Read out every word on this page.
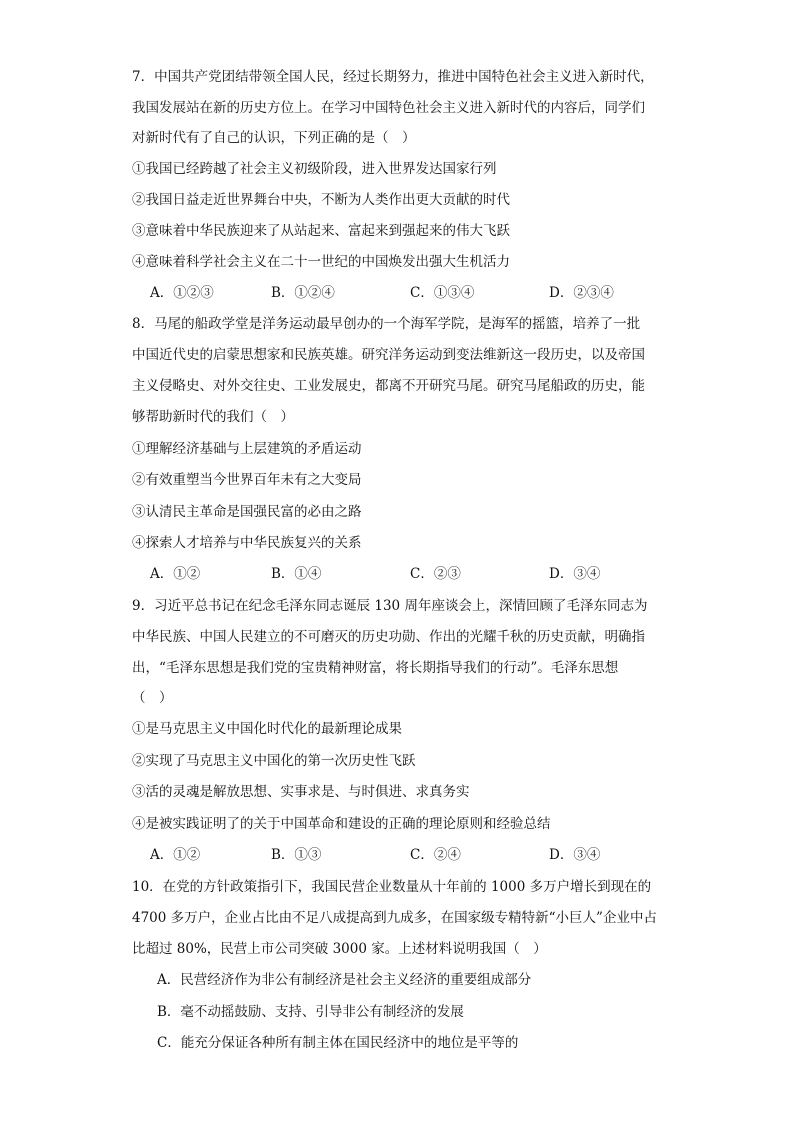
7．中国共产党团结带领全国人民，经过长期努力，推进中国特色社会主义进入新时代，
我国发展站在新的历史方位上。在学习中国特色社会主义进入新时代的内容后，同学们
对新时代有了自己的认识，下列正确的是（　）
①我国已经跨越了社会主义初级阶段，进入世界发达国家行列
②我国日益走近世界舞台中央，不断为人类作出更大贡献的时代
③意味着中华民族迎来了从站起来、富起来到强起来的伟大飞跃
④意味着科学社会主义在二十一世纪的中国焕发出强大生机活力
A．①②③	B．①②④	C．①③④	D．②③④
8．马尾的船政学堂是洋务运动最早创办的一个海军学院，是海军的摇篮，培养了一批
中国近代史的启蒙思想家和民族英雄。研究洋务运动到变法维新这一段历史，以及帝国
主义侵略史、对外交往史、工业发展史，都离不开研究马尾。研究马尾船政的历史，能
够帮助新时代的我们（　）
①理解经济基础与上层建筑的矛盾运动
②有效重塑当今世界百年未有之大变局
③认清民主革命是国强民富的必由之路
④探索人才培养与中华民族复兴的关系
A．①②	B．①④	C．②③	D．③④
9．习近平总书记在纪念毛泽东同志诞辰 130 周年座谈会上，深情回顾了毛泽东同志为
中华民族、中国人民建立的不可磨灭的历史功勋、作出的光耀千秋的历史贡献，明确指
出，“毛泽东思想是我们党的宝贵精神财富，将长期指导我们的行动”。毛泽东思想
（　）
①是马克思主义中国化时代化的最新理论成果
②实现了马克思主义中国化的第一次历史性飞跃
③活的灵魂是解放思想、实事求是、与时俱进、求真务实
④是被实践证明了的关于中国革命和建设的正确的理论原则和经验总结
A．①②	B．①③	C．②④	D．③④
10．在党的方针政策指引下，我国民营企业数量从十年前的 1000 多万户增长到现在的
4700 多万户，企业占比由不足八成提高到九成多，在国家级专精特新“小巨人”企业中占
比超过 80%，民营上市公司突破 3000 家。上述材料说明我国（　）
A．民营经济作为非公有制经济是社会主义经济的重要组成部分
B．毫不动摇鼓励、支持、引导非公有制经济的发展
C．能充分保证各种所有制主体在国民经济中的地位是平等的
